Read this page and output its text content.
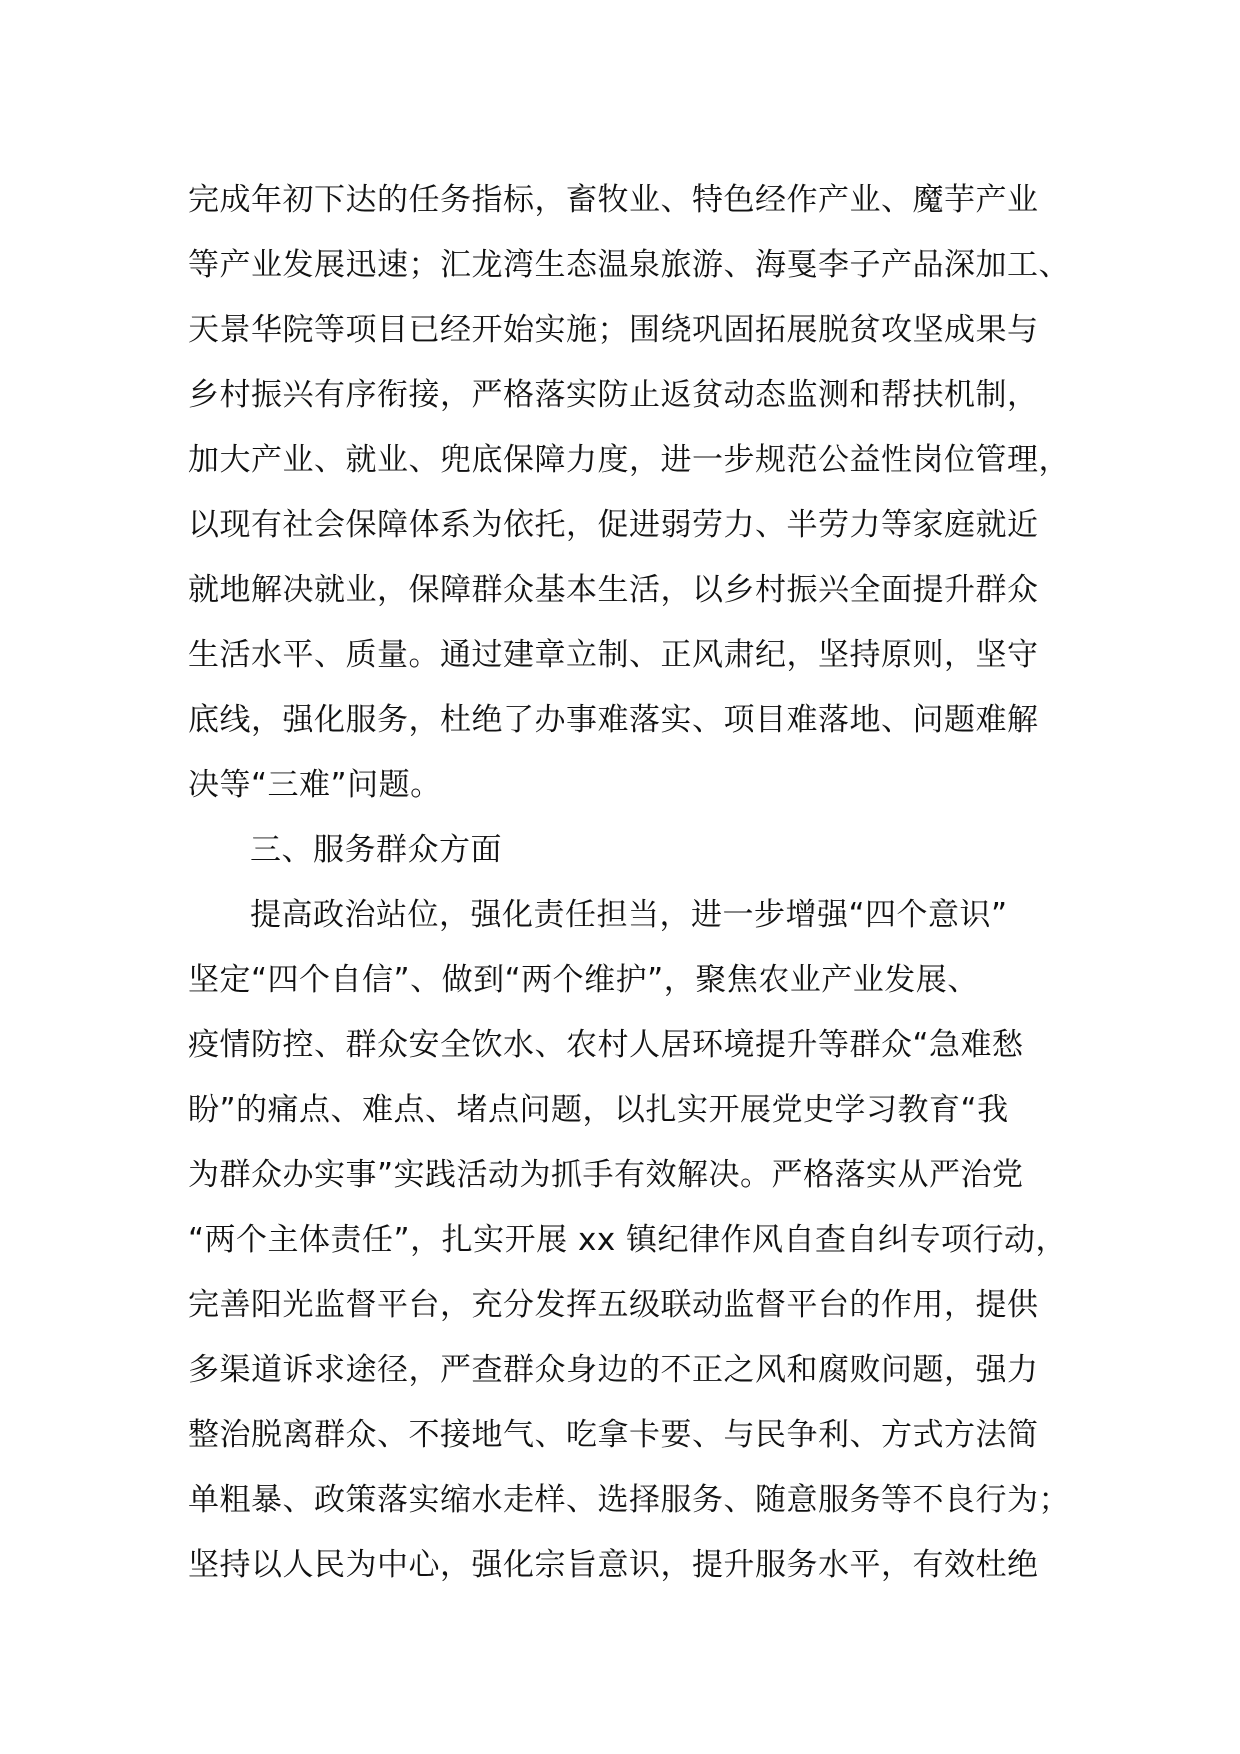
完成年初下达的任务指标，畜牧业、特色经作产业、魔芋产业
等产业发展迅速；汇龙湾生态温泉旅游、海戛李子产品深加工、
天景华院等项目已经开始实施；围绕巩固拓展脱贫攻坚成果与
乡村振兴有序衔接，严格落实防止返贫动态监测和帮扶机制，
加大产业、就业、兜底保障力度，进一步规范公益性岗位管理，
以现有社会保障体系为依托，促进弱劳力、半劳力等家庭就近
就地解决就业，保障群众基本生活，以乡村振兴全面提升群众
生活水平、质量。通过建章立制、正风肃纪，坚持原则，坚守
底线，强化服务，杜绝了办事难落实、项目难落地、问题难解
决等“三难”问题。
三、服务群众方面
提高政治站位，强化责任担当，进一步增强“四个意识”
坚定“四个自信”、做到“两个维护”，聚焦农业产业发展、
疫情防控、群众安全饮水、农村人居环境提升等群众“急难愁
盼”的痛点、难点、堵点问题，以扎实开展党史学习教育“我
为群众办实事”实践活动为抓手有效解决。严格落实从严治党
“两个主体责任”，扎实开展 xx 镇纪律作风自查自纠专项行动，
完善阳光监督平台，充分发挥五级联动监督平台的作用，提供
多渠道诉求途径，严查群众身边的不正之风和腐败问题，强力
整治脱离群众、不接地气、吃拿卡要、与民争利、方式方法简
单粗暴、政策落实缩水走样、选择服务、随意服务等不良行为；
坚持以人民为中心，强化宗旨意识，提升服务水平，有效杜绝
